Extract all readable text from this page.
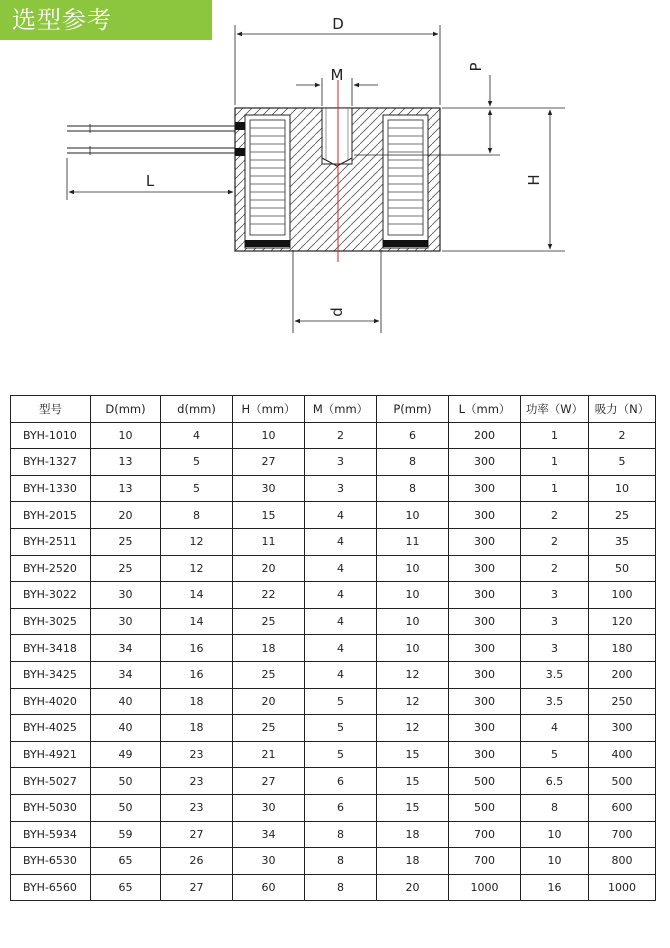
选型参考	D
M	P
H
L
d
型号	D(mm)	d(mm)	H（mm）	M（mm）	P(mm)	L（mm）	功率（W）	吸力（N）
BYH-1010	10	4	10	2	6	200	1	2
BYH-1327	13	5	27	3	8	300	1	5
BYH-1330	13	5	30	3	8	300	1	10
BYH-2015	20	8	15	4	10	300	2	25
BYH-2511	25	12	11	4	11	300	2	35
BYH-2520	25	12	20	4	10	300	2	50
BYH-3022	30	14	22	4	10	300	3	100
BYH-3025	30	14	25	4	10	300	3	120
BYH-3418	34	16	18	4	10	300	3	180
BYH-3425	34	16	25	4	12	300	3.5	200
BYH-4020	40	18	20	5	12	300	3.5	250
BYH-4025	40	18	25	5	12	300	4	300
BYH-4921	49	23	21	5	15	300	5	400
BYH-5027	50	23	27	6	15	500	6.5	500
BYH-5030	50	23	30	6	15	500	8	600
BYH-5934	59	27	34	8	18	700	10	700
BYH-6530	65	26	30	8	18	700	10	800
BYH-6560	65	27	60	8	20	1000	16	1000
